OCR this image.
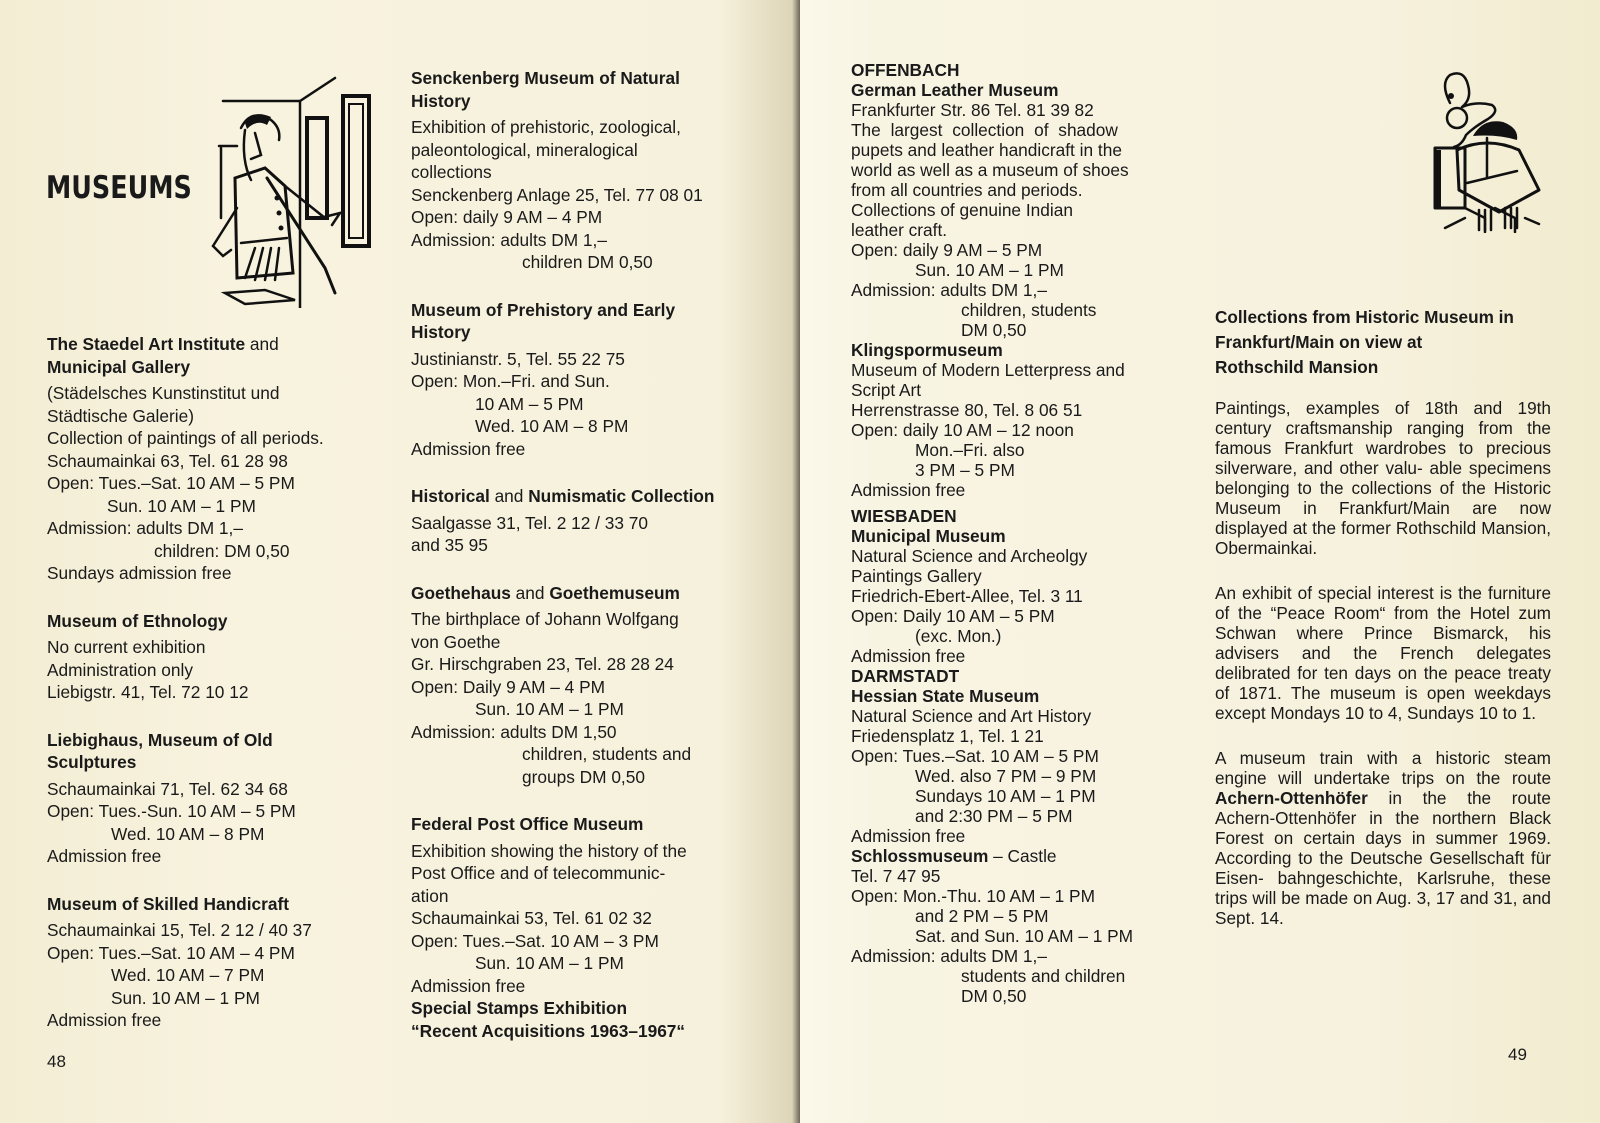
MUSEUMS
The Staedel Art Institute and
Municipal Gallery
(Städelsches Kunstinstitut und
Städtische Galerie)
Collection of paintings of all periods.
Schaumainkai 63, Tel. 61 28 98
Open: Tues.–Sat. 10 AM – 5 PM
Sun. 10 AM – 1 PM
Admission: adults DM 1,–
children: DM 0,50
Sundays admission free
Museum of Ethnology
No current exhibition
Administration only
Liebigstr. 41, Tel. 72 10 12
Liebighaus, Museum of Old
Sculptures
Schaumainkai 71, Tel. 62 34 68
Open: Tues.-Sun. 10 AM – 5 PM
Wed. 10 AM – 8 PM
Admission free
Museum of Skilled Handicraft
Schaumainkai 15, Tel. 2 12 / 40 37
Open: Tues.–Sat. 10 AM – 4 PM
Wed. 10 AM – 7 PM
Sun. 10 AM – 1 PM
Admission free
Senckenberg Museum of Natural
History
Exhibition of prehistoric, zoological,
paleontological, mineralogical
collections
Senckenberg Anlage 25, Tel. 77 08 01
Open: daily 9 AM – 4 PM
Admission: adults DM 1,–
children DM 0,50
Museum of Prehistory and Early
History
Justinianstr. 5, Tel. 55 22 75
Open: Mon.–Fri. and Sun.
10 AM – 5 PM
Wed. 10 AM – 8 PM
Admission free
Historical and Numismatic Collection
Saalgasse 31, Tel. 2 12 / 33 70
and 35 95
Goethehaus and Goethemuseum
The birthplace of Johann Wolfgang
von Goethe
Gr. Hirschgraben 23, Tel. 28 28 24
Open: Daily 9 AM – 4 PM
Sun. 10 AM – 1 PM
Admission: adults DM 1,50
children, students and
groups DM 0,50
Federal Post Office Museum
Exhibition showing the history of the
Post Office and of telecommunic-
ation
Schaumainkai 53, Tel. 61 02 32
Open: Tues.–Sat. 10 AM – 3 PM
Sun. 10 AM – 1 PM
Admission free
Special Stamps Exhibition
“Recent Acquisitions 1963–1967“
48
OFFENBACH
German Leather Museum
Frankfurter Str. 86 Tel. 81 39 82
The largest collection of shadow
pupets and leather handicraft in the
world as well as a museum of shoes
from all countries and periods.
Collections of genuine Indian
leather craft.
Open: daily 9 AM – 5 PM
Sun. 10 AM – 1 PM
Admission: adults DM 1,–
children, students
DM 0,50
Klingspormuseum
Museum of Modern Letterpress and
Script Art
Herrenstrasse 80, Tel. 8 06 51
Open: daily 10 AM – 12 noon
Mon.–Fri. also
3 PM – 5 PM
Admission free
WIESBADEN
Municipal Museum
Natural Science and Archeolgy
Paintings Gallery
Friedrich-Ebert-Allee, Tel. 3 11
Open: Daily 10 AM – 5 PM
(exc. Mon.)
Admission free
DARMSTADT
Hessian State Museum
Natural Science and Art History
Friedensplatz 1, Tel. 1 21
Open: Tues.–Sat. 10 AM – 5 PM
Wed. also 7 PM – 9 PM
Sundays 10 AM – 1 PM
and 2:30 PM – 5 PM
Admission free
Schlossmuseum – Castle
Tel. 7 47 95
Open: Mon.-Thu. 10 AM – 1 PM
and 2 PM – 5 PM
Sat. and Sun. 10 AM – 1 PM
Admission: adults DM 1,–
students and children
DM 0,50
Collections from Historic Museum in
Frankfurt/Main on view at
Rothschild Mansion
Paintings, examples of 18th and 19th century craftsmanship ranging from the famous Frankfurt wardrobes to precious silverware, and other valu- able specimens belonging to the collections of the Historic Museum in Frankfurt/Main are now displayed at the former Rothschild Mansion, Obermainkai.
An exhibit of special interest is the furniture of the “Peace Room“ from the Hotel zum Schwan where Prince Bismarck, his advisers and the French delegates delibrated for ten days on the peace treaty of 1871. The museum is open weekdays except Mondays 10 to 4, Sundays 10 to 1.
A museum train with a historic steam engine will undertake trips on the route Achern-Ottenhöfer in the the route Achern-Ottenhöfer in the northern Black Forest on certain days in summer 1969. According to the Deutsche Gesellschaft für Eisen- bahngeschichte, Karlsruhe, these trips will be made on Aug. 3, 17 and 31, and Sept. 14.
49
